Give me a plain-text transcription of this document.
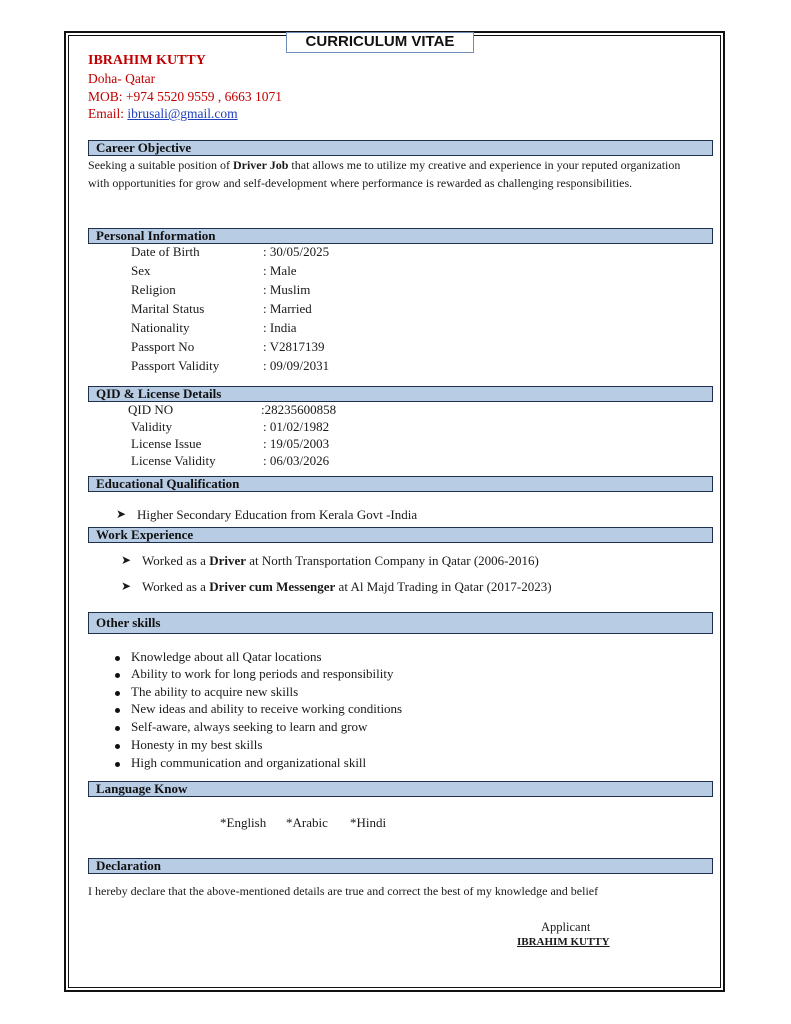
CURRICULUM VITAE
IBRAHIM KUTTY
Doha- Qatar
MOB: +974 5520 9559 , 6663 1071
Email: ibrusali@gmail.com
Career Objective
Seeking a suitable position of Driver Job that allows me to utilize my creative and experience in your reputed organization with opportunities for grow and self-development where performance is rewarded as challenging responsibilities.
Personal Information
Date of Birth	: 30/05/2025
Sex	: Male
Religion	: Muslim
Marital Status	: Married
Nationality	: India
Passport No	: V2817139
Passport Validity	: 09/09/2031
QID & License Details
QID NO	:28235600858
Validity	: 01/02/1982
License Issue	: 19/05/2003
License Validity	: 06/03/2026
Educational Qualification
➤ Higher Secondary Education from Kerala Govt -India
Work Experience
➤ Worked as a Driver at North Transportation Company in Qatar (2006-2016)
➤ Worked as a Driver cum Messenger at Al Majd Trading in Qatar (2017-2023)
Other skills
Knowledge about all Qatar locations
Ability to work for long periods and responsibility
The ability to acquire new skills
New ideas and ability to receive working conditions
Self-aware, always seeking to learn and grow
Honesty in my best skills
High communication and organizational skill
Language Know
*English *Arabic *Hindi
Declaration
I hereby declare that the above-mentioned details are true and correct the best of my knowledge and belief
Applicant
IBRAHIM KUTTY
